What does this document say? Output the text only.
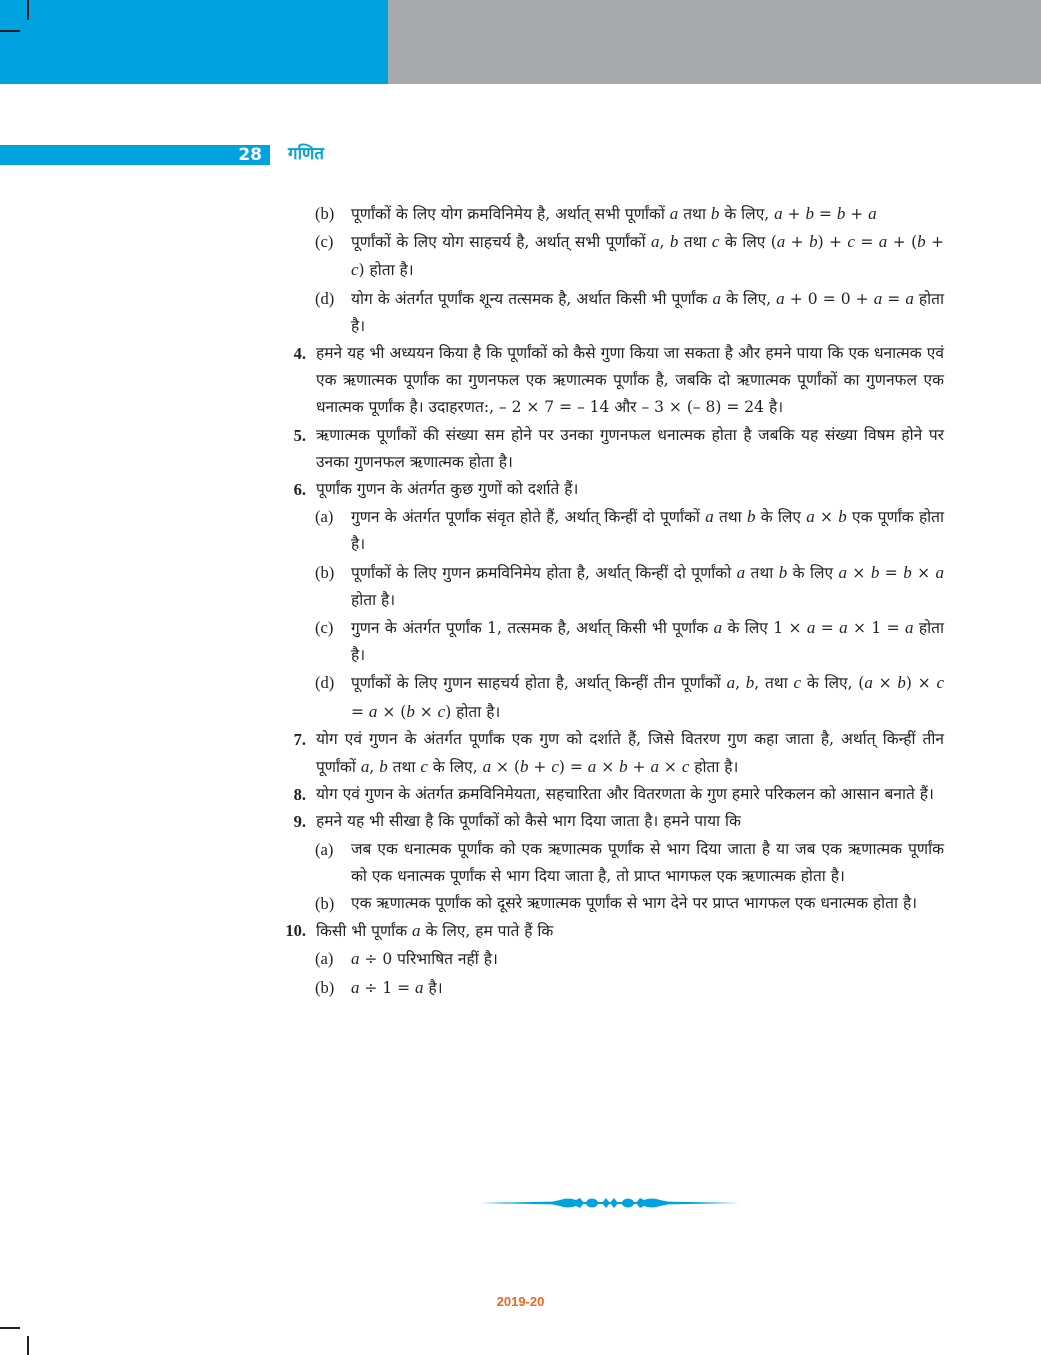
28 गणित
(b) पूर्णांकों के लिए योग क्रमविनिमेय है, अर्थात् सभी पूर्णांकों a तथा b के लिए, a + b = b + a
(c) पूर्णांकों के लिए योग साहचर्य है, अर्थात् सभी पूर्णांकों a, b तथा c के लिए (a + b) + c = a + (b + c) होता है।
(d) योग के अंतर्गत पूर्णांक शून्य तत्समक है, अर्थात किसी भी पूर्णांक a के लिए, a + 0 = 0 + a = a होता है।
4. हमने यह भी अध्ययन किया है कि पूर्णांकों को कैसे गुणा किया जा सकता है और हमने पाया कि एक धनात्मक एवं एक ऋणात्मक पूर्णांक का गुणनफल एक ऋणात्मक पूर्णांक है, जबकि दो ऋणात्मक पूर्णांकों का गुणनफल एक धनात्मक पूर्णांक है। उदाहरणत:, – 2 × 7 = – 14 और – 3 × (– 8) = 24 है।
5. ऋणात्मक पूर्णांकों की संख्या सम होने पर उनका गुणनफल धनात्मक होता है जबकि यह संख्या विषम होने पर उनका गुणनफल ऋणात्मक होता है।
6. पूर्णांक गुणन के अंतर्गत कुछ गुणों को दर्शाते हैं।
(a) गुणन के अंतर्गत पूर्णांक संवृत होते हैं, अर्थात् किन्हीं दो पूर्णांकों a तथा b के लिए a × b एक पूर्णांक होता है।
(b) पूर्णांकों के लिए गुणन क्रमविनिमेय होता है, अर्थात् किन्हीं दो पूर्णांको a तथा b के लिए a × b = b × a होता है।
(c) गुणन के अंतर्गत पूर्णांक 1, तत्समक है, अर्थात् किसी भी पूर्णांक a के लिए 1 × a = a × 1 = a होता है।
(d) पूर्णांकों के लिए गुणन साहचर्य होता है, अर्थात् किन्हीं तीन पूर्णांकों a, b, तथा c के लिए, (a × b) × c = a × (b × c) होता है।
7. योग एवं गुणन के अंतर्गत पूर्णांक एक गुण को दर्शाते हैं, जिसे वितरण गुण कहा जाता है, अर्थात् किन्हीं तीन पूर्णांकों a, b तथा c के लिए, a × (b + c) = a × b + a × c होता है।
8. योग एवं गुणन के अंतर्गत क्रमविनिमेयता, सहचारिता और वितरणता के गुण हमारे परिकलन को आसान बनाते हैं।
9. हमने यह भी सीखा है कि पूर्णांकों को कैसे भाग दिया जाता है। हमने पाया कि
(a) जब एक धनात्मक पूर्णांक को एक ऋणात्मक पूर्णांक से भाग दिया जाता है या जब एक ऋणात्मक पूर्णांक को एक धनात्मक पूर्णांक से भाग दिया जाता है, तो प्राप्त भागफल एक ऋणात्मक होता है।
(b) एक ऋणात्मक पूर्णांक को दूसरे ऋणात्मक पूर्णांक से भाग देने पर प्राप्त भागफल एक धनात्मक होता है।
10. किसी भी पूर्णांक a के लिए, हम पाते हैं कि
(a) a ÷ 0 परिभाषित नहीं है।
(b) a ÷ 1 = a है।
2019-20
